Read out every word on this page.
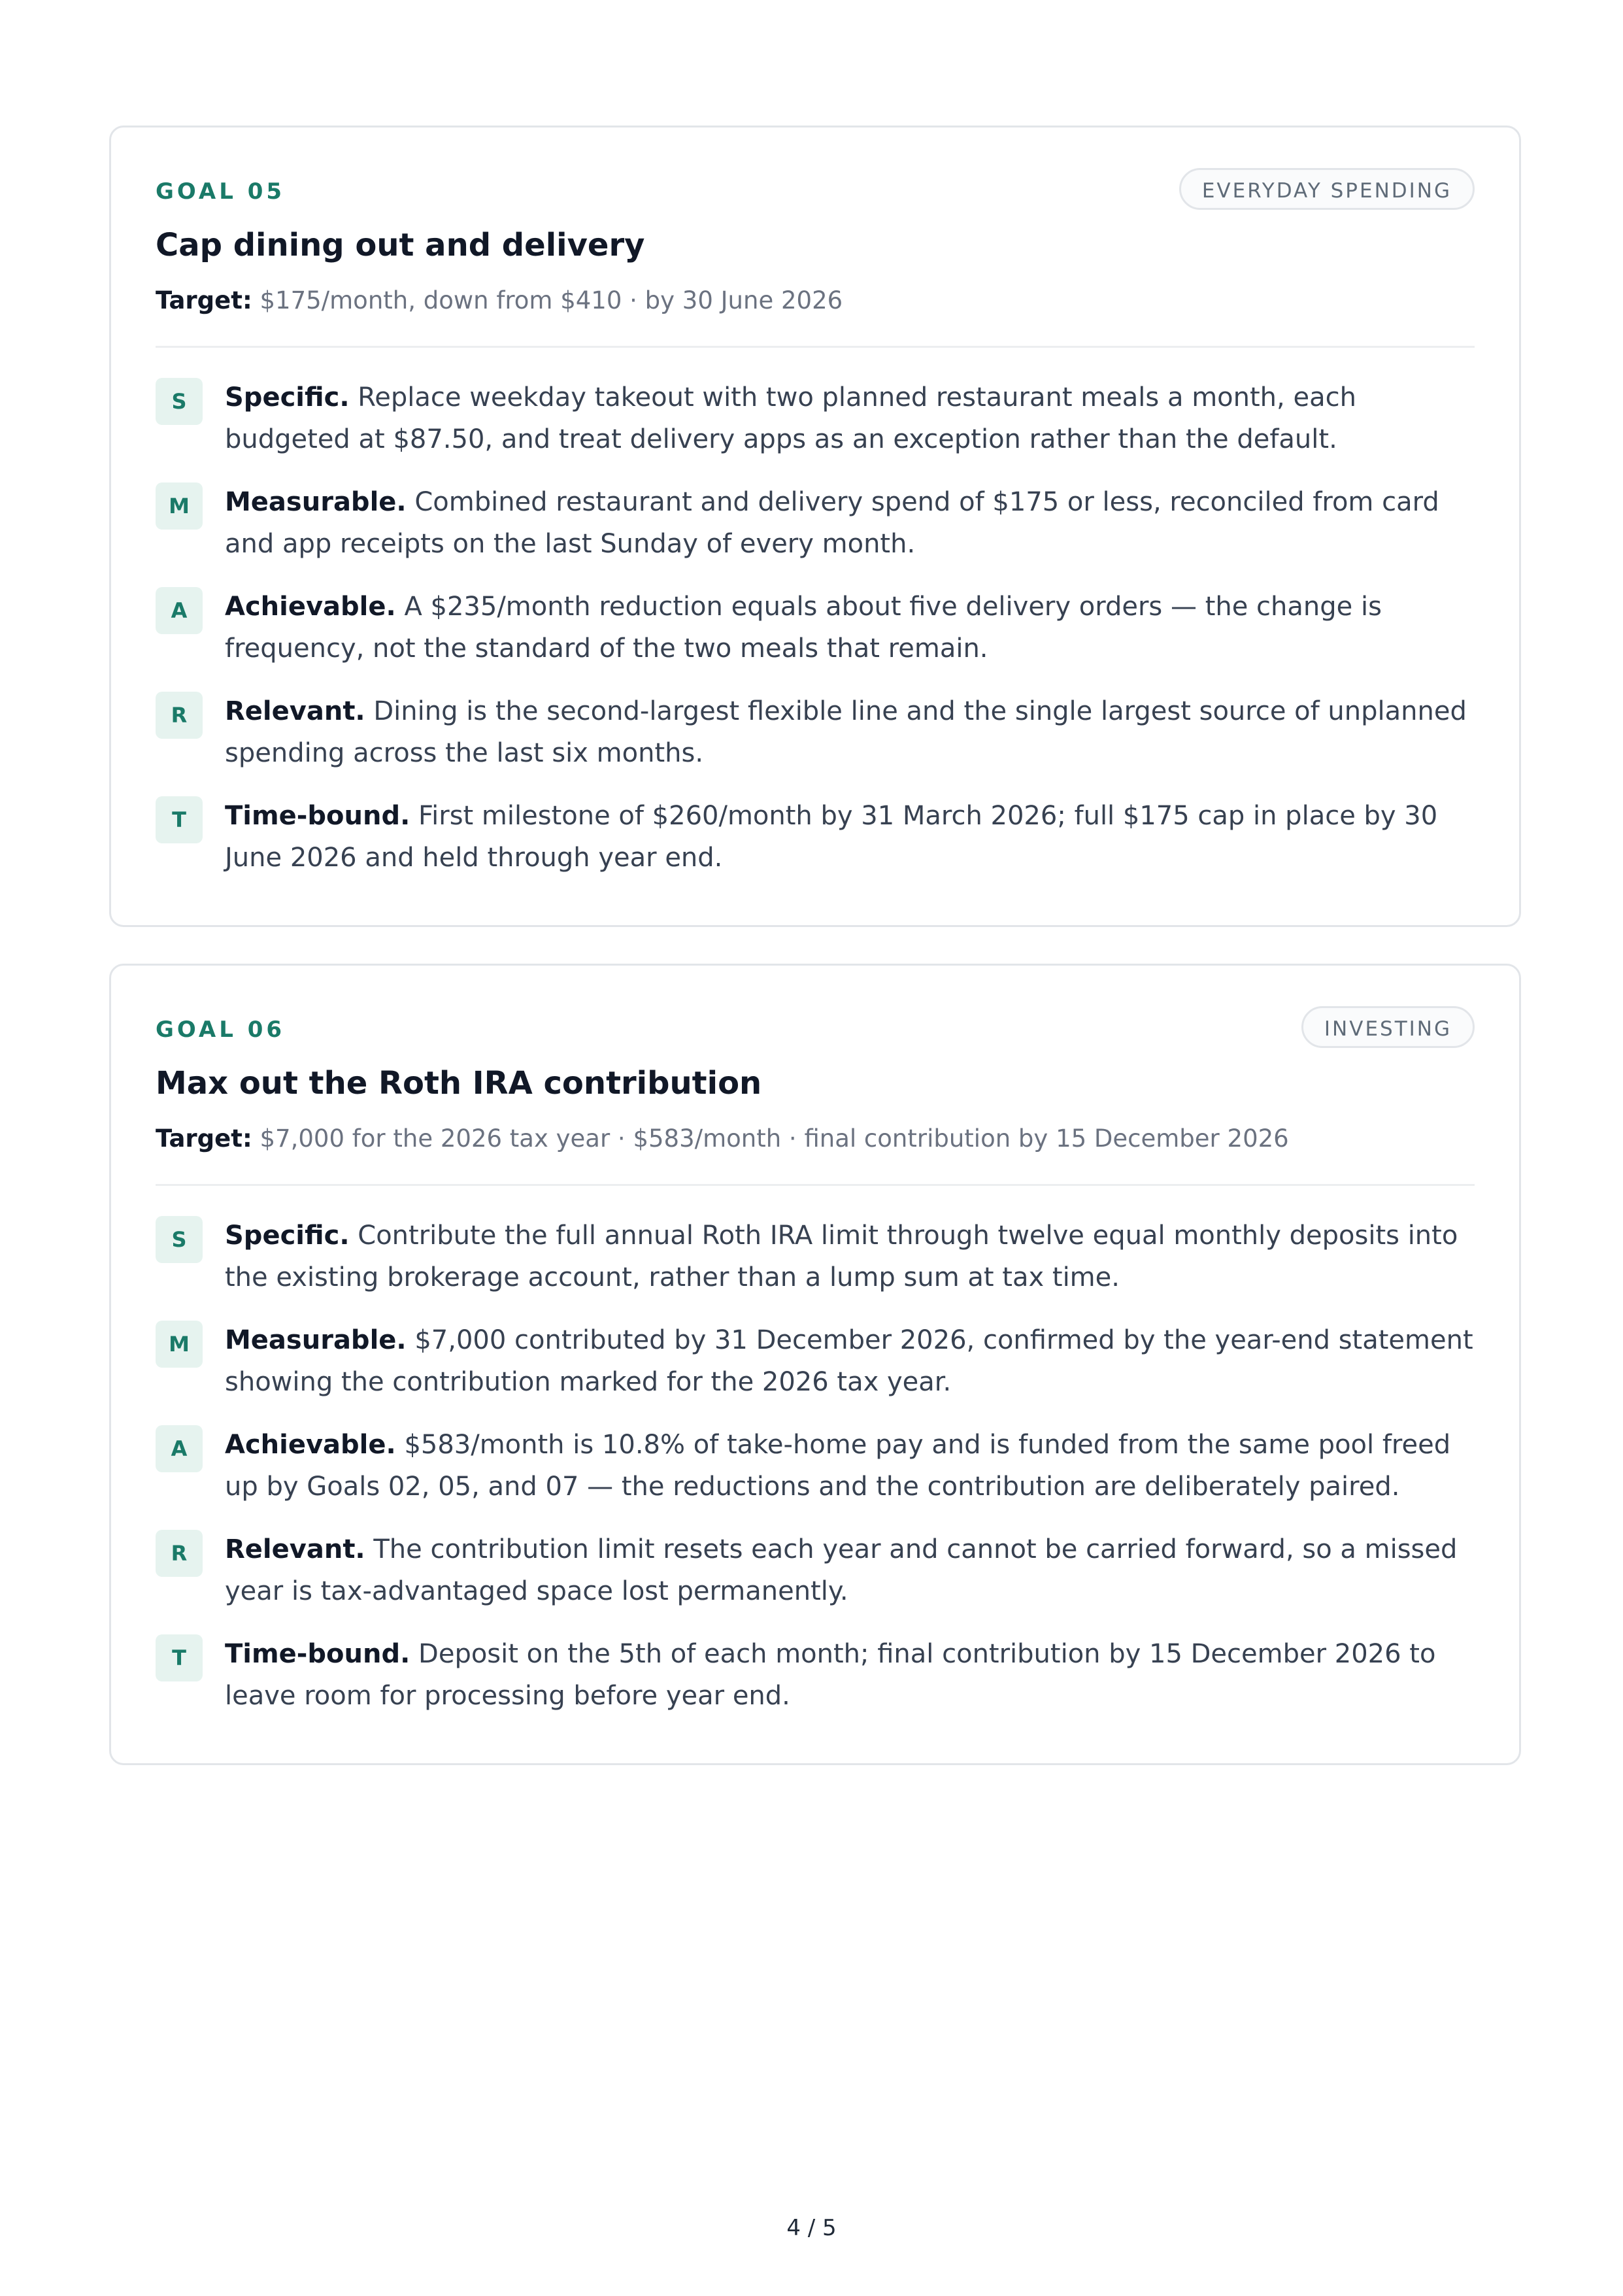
GOAL 05	EVERYDAY SPENDING
Cap dining out and delivery
Target: $175/month, down from $410 · by 30 June 2026
S	Specific. Replace weekday takeout with two planned restaurant meals a month, each budgeted at $87.50, and treat delivery apps as an exception rather than the default.
M	Measurable. Combined restaurant and delivery spend of $175 or less, reconciled from card and app receipts on the last Sunday of every month.
A	Achievable. A $235/month reduction equals about five delivery orders — the change is frequency, not the standard of the two meals that remain.
R	Relevant. Dining is the second-largest flexible line and the single largest source of unplanned spending across the last six months.
T	Time-bound. First milestone of $260/month by 31 March 2026; full $175 cap in place by 30 June 2026 and held through year end.
GOAL 06	INVESTING
Max out the Roth IRA contribution
Target: $7,000 for the 2026 tax year · $583/month · final contribution by 15 December 2026
S	Specific. Contribute the full annual Roth IRA limit through twelve equal monthly deposits into the existing brokerage account, rather than a lump sum at tax time.
M	Measurable. $7,000 contributed by 31 December 2026, confirmed by the year-end statement showing the contribution marked for the 2026 tax year.
A	Achievable. $583/month is 10.8% of take-home pay and is funded from the same pool freed up by Goals 02, 05, and 07 — the reductions and the contribution are deliberately paired.
R	Relevant. The contribution limit resets each year and cannot be carried forward, so a missed year is tax-advantaged space lost permanently.
T	Time-bound. Deposit on the 5th of each month; final contribution by 15 December 2026 to leave room for processing before year end.
4 / 5
